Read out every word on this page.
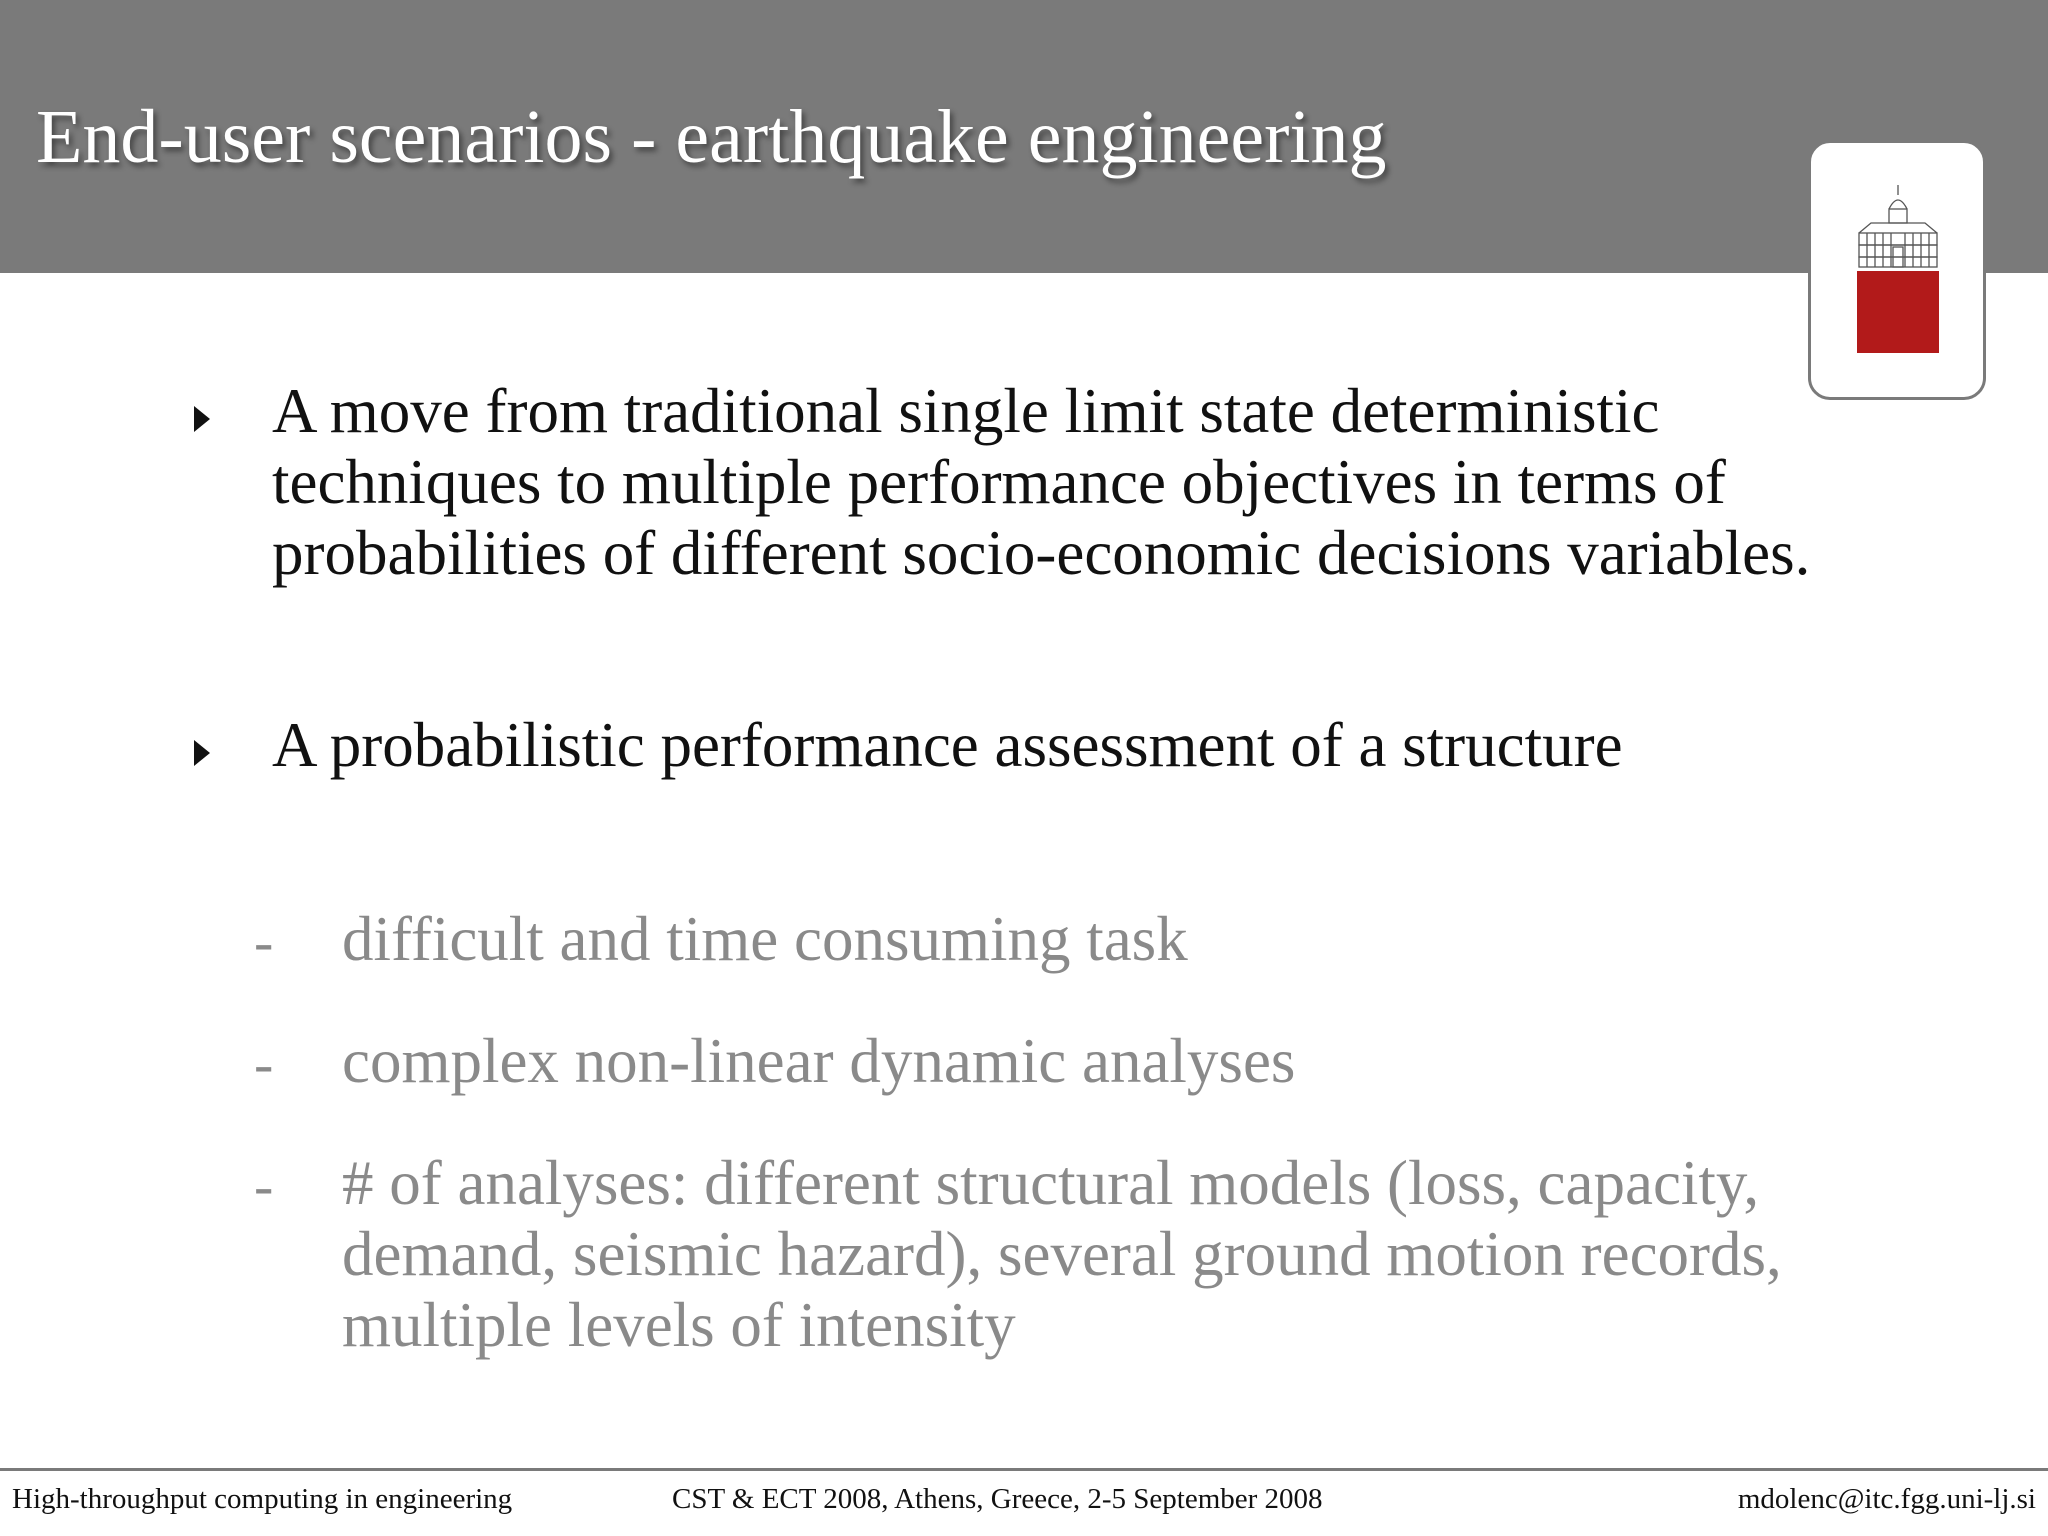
End-user scenarios - earthquake engineering

A move from traditional single limit state deterministic techniques to multiple performance objectives in terms of probabilities of different socio-economic decisions variables.

A probabilistic performance assessment of a structure

- difficult and time consuming task

- complex non-linear dynamic analyses

- # of analyses: different structural models (loss, capacity, demand, seismic hazard), several ground motion records, multiple levels of intensity

High-throughput computing in engineering	CST & ECT 2008, Athens, Greece, 2-5 September 2008	mdolenc@itc.fgg.uni-lj.si
